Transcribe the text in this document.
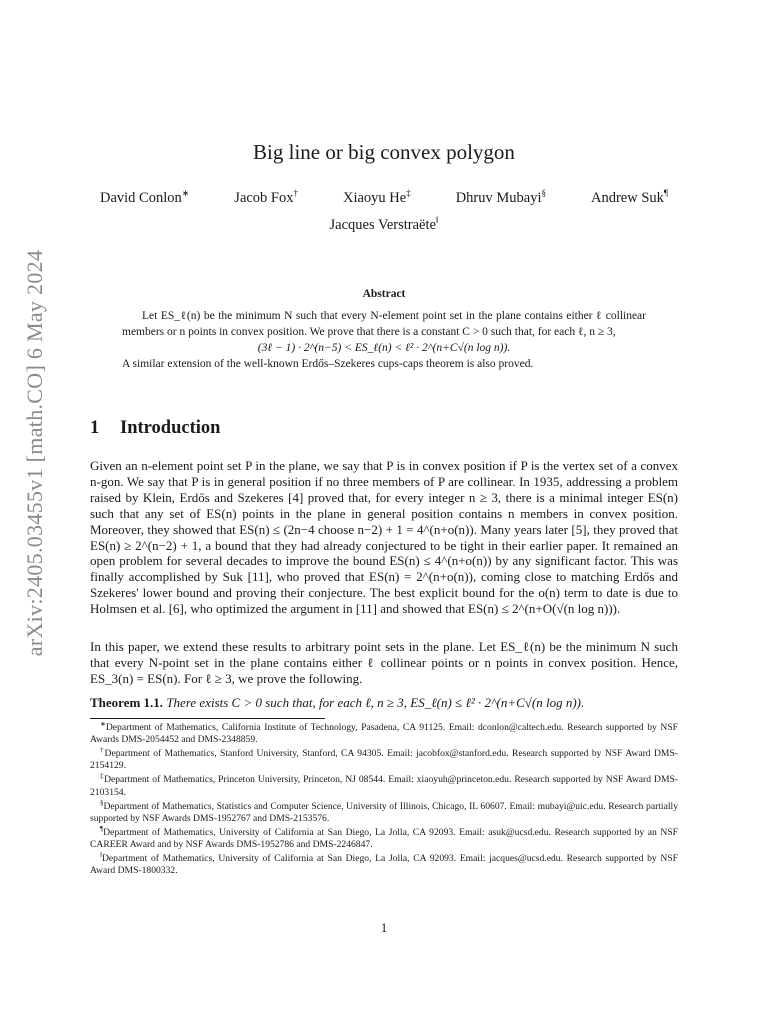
arXiv:2405.03455v1 [math.CO] 6 May 2024
Big line or big convex polygon
David Conlon∗	Jacob Fox†	Xiaoyu He‡	Dhruv Mubayi§	Andrew Suk¶
Jacques Verstraëte‖
Abstract

Let ES_ℓ(n) be the minimum N such that every N-element point set in the plane contains either ℓ collinear members or n points in convex position. We prove that there is a constant C > 0 such that, for each ℓ, n ≥ 3,

(3ℓ − 1) · 2^(n−5) < ES_ℓ(n) < ℓ² · 2^(n+C√(n log n)).

A similar extension of the well-known Erdős–Szekeres cups-caps theorem is also proved.

1 Introduction

Given an n-element point set P in the plane, we say that P is in convex position if P is the vertex set of a convex n-gon. We say that P is in general position if no three members of P are collinear. In 1935, addressing a problem raised by Klein, Erdős and Szekeres [4] proved that, for every integer n ≥ 3, there is a minimal integer ES(n) such that any set of ES(n) points in the plane in general position contains n members in convex position. Moreover, they showed that ES(n) ≤ (2n−4 choose n−2) + 1 = 4^(n+o(n)). Many years later [5], they proved that ES(n) ≥ 2^(n−2) + 1, a bound that they had already conjectured to be tight in their earlier paper. It remained an open problem for several decades to improve the bound ES(n) ≤ 4^(n+o(n)) by any significant factor. This was finally accomplished by Suk [11], who proved that ES(n) = 2^(n+o(n)), coming close to matching Erdős and Szekeres' lower bound and proving their conjecture. The best explicit bound for the o(n) term to date is due to Holmsen et al. [6], who optimized the argument in [11] and showed that ES(n) ≤ 2^(n+O(√(n log n))).

In this paper, we extend these results to arbitrary point sets in the plane. Let ES_ℓ(n) be the minimum N such that every N-point set in the plane contains either ℓ collinear points or n points in convex position. Hence, ES_3(n) = ES(n). For ℓ ≥ 3, we prove the following.

Theorem 1.1. There exists C > 0 such that, for each ℓ, n ≥ 3, ES_ℓ(n) ≤ ℓ² · 2^(n+C√(n log n)).

∗Department of Mathematics, California Institute of Technology, Pasadena, CA 91125. Email: dconlon@caltech.edu. Research supported by NSF Awards DMS-2054452 and DMS-2348859.

†Department of Mathematics, Stanford University, Stanford, CA 94305. Email: jacobfox@stanford.edu. Research supported by NSF Award DMS-2154129.

‡Department of Mathematics, Princeton University, Princeton, NJ 08544. Email: xiaoyuh@princeton.edu. Research supported by NSF Award DMS-2103154.

§Department of Mathematics, Statistics and Computer Science, University of Illinois, Chicago, IL 60607. Email: mubayi@uic.edu. Research partially supported by NSF Awards DMS-1952767 and DMS-2153576.

¶Department of Mathematics, University of California at San Diego, La Jolla, CA 92093. Email: asuk@ucsd.edu. Research supported by an NSF CAREER Award and by NSF Awards DMS-1952786 and DMS-2246847.

‖Department of Mathematics, University of California at San Diego, La Jolla, CA 92093. Email: jacques@ucsd.edu. Research supported by NSF Award DMS-1800332.

1
